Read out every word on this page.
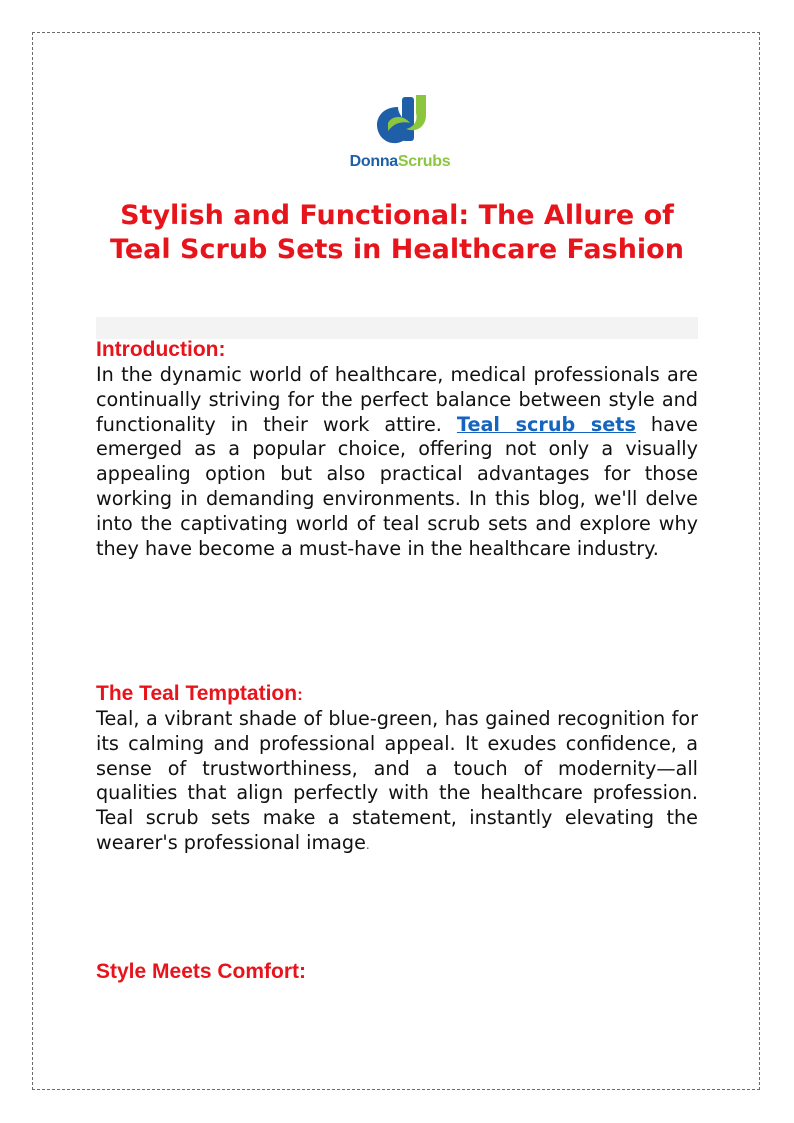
DonnaScrubs
Stylish and Functional: The Allure of Teal Scrub Sets in Healthcare Fashion
Introduction:

In the dynamic world of healthcare, medical professionals are continually striving for the perfect balance between style and functionality in their work attire. Teal scrub sets have emerged as a popular choice, offering not only a visually appealing option but also practical advantages for those working in demanding environments. In this blog, we'll delve into the captivating world of teal scrub sets and explore why they have become a must-have in the healthcare industry.

The Teal Temptation:

Teal, a vibrant shade of blue-green, has gained recognition for its calming and professional appeal. It exudes confidence, a sense of trustworthiness, and a touch of modernity—all qualities that align perfectly with the healthcare profession. Teal scrub sets make a statement, instantly elevating the wearer's professional image.

Style Meets Comfort:
